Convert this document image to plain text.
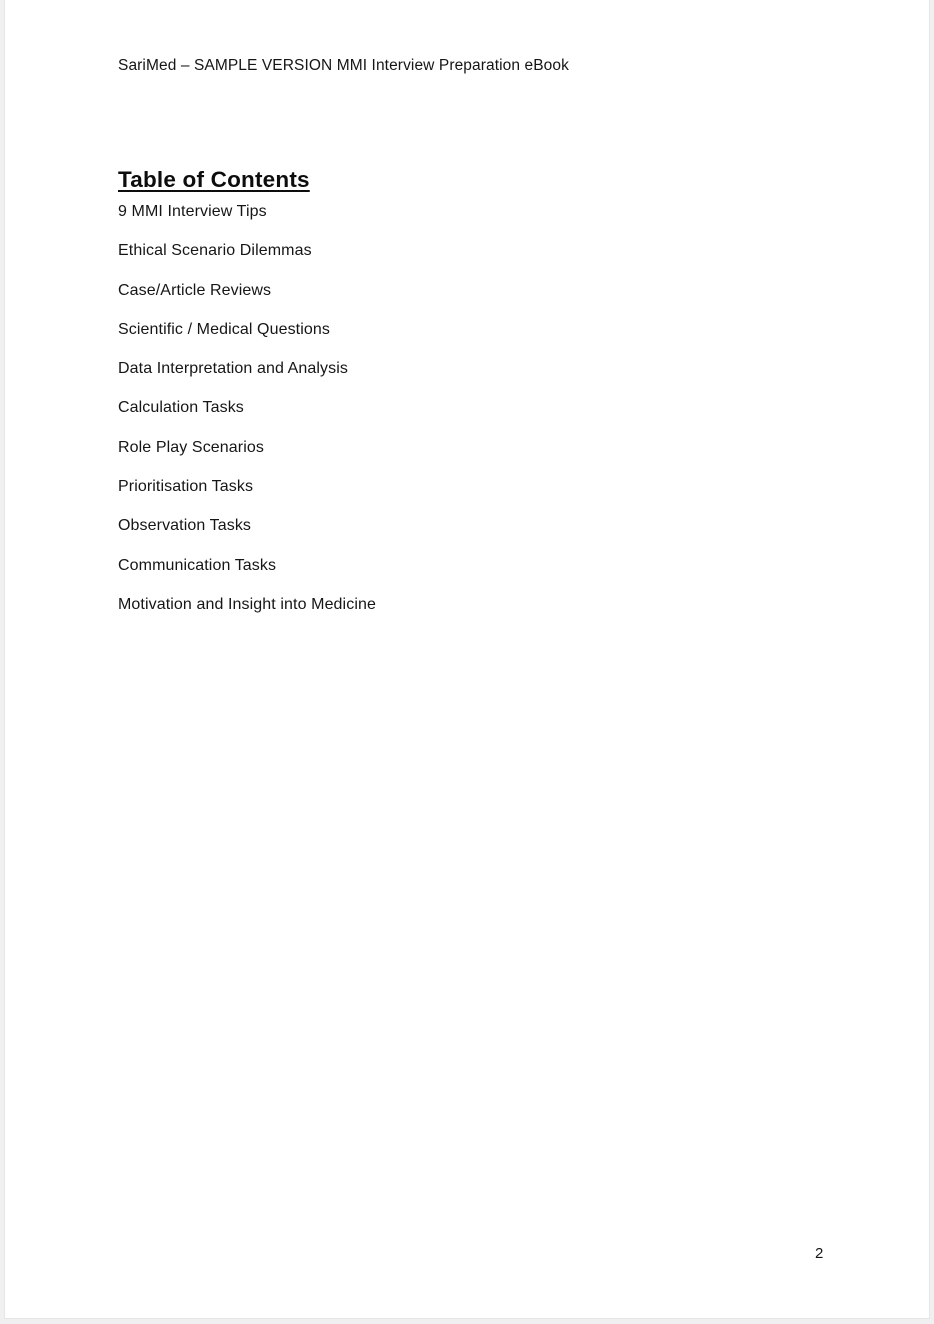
SariMed – SAMPLE VERSION MMI Interview Preparation eBook
Table of Contents
9 MMI Interview Tips
Ethical Scenario Dilemmas
Case/Article Reviews
Scientific / Medical Questions
Data Interpretation and Analysis
Calculation Tasks
Role Play Scenarios
Prioritisation Tasks
Observation Tasks
Communication Tasks
Motivation and Insight into Medicine
2
